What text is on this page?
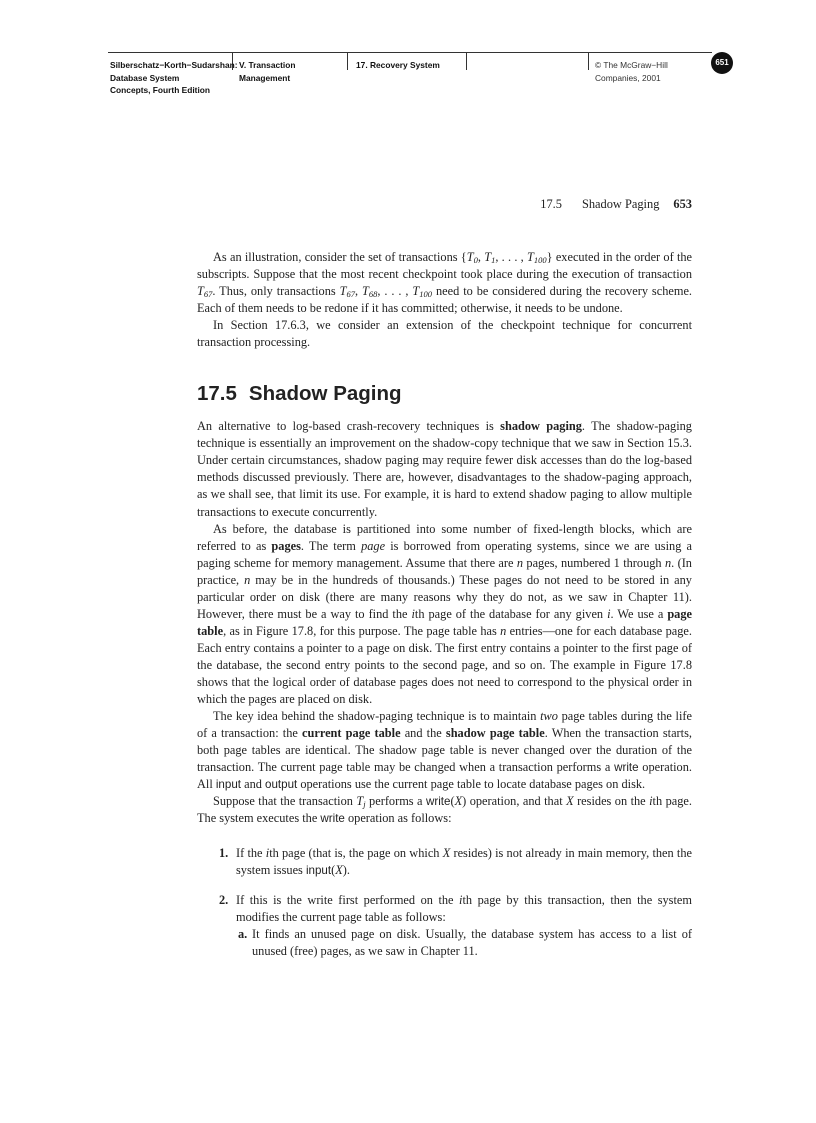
Silberschatz−Korth−Sudarshan:
Database System
Concepts, Fourth Edition
V. Transaction
Management
17. Recovery System	© The McGraw−Hill
Companies, 2001
651
17.5 Shadow Paging 653

As an illustration, consider the set of transactions {$T_0$, $T_1$, . . . , $T_{100}$} executed in the order of the subscripts. Suppose that the most recent checkpoint took place during the execution of transaction $T_{67}$. Thus, only transactions $T_{67}$, $T_{68}$, . . . , $T_{100}$ need to be considered during the recovery scheme. Each of them needs to be redone if it has committed; otherwise, it needs to be undone.

In Section 17.6.3, we consider an extension of the checkpoint technique for concurrent transaction processing.

17.5 Shadow Paging

An alternative to log-based crash-recovery techniques is shadow paging. The shadow-paging technique is essentially an improvement on the shadow-copy technique that we saw in Section 15.3. Under certain circumstances, shadow paging may require fewer disk accesses than do the log-based methods discussed previously. There are, however, disadvantages to the shadow-paging approach, as we shall see, that limit its use. For example, it is hard to extend shadow paging to allow multiple transactions to execute concurrently.

As before, the database is partitioned into some number of fixed-length blocks, which are referred to as pages. The term page is borrowed from operating systems, since we are using a paging scheme for memory management. Assume that there are n pages, numbered 1 through n. (In practice, n may be in the hundreds of thousands.) These pages do not need to be stored in any particular order on disk (there are many reasons why they do not, as we saw in Chapter 11). However, there must be a way to find the ith page of the database for any given i. We use a page table, as in Figure 17.8, for this purpose. The page table has n entries—one for each database page. Each entry contains a pointer to a page on disk. The first entry contains a pointer to the first page of the database, the second entry points to the second page, and so on. The example in Figure 17.8 shows that the logical order of database pages does not need to correspond to the physical order in which the pages are placed on disk.

The key idea behind the shadow-paging technique is to maintain two page tables during the life of a transaction: the current page table and the shadow page table. When the transaction starts, both page tables are identical. The shadow page table is never changed over the duration of the transaction. The current page table may be changed when a transaction performs a write operation. All input and output operations use the current page table to locate database pages on disk.

Suppose that the transaction $T_j$ performs a write(X) operation, and that X resides on the ith page. The system executes the write operation as follows:

1. If the ith page (that is, the page on which X resides) is not already in main memory, then the system issues input(X).

2. If this is the write first performed on the ith page by this transaction, then the system modifies the current page table as follows:

a. It finds an unused page on disk. Usually, the database system has access to a list of unused (free) pages, as we saw in Chapter 11.
